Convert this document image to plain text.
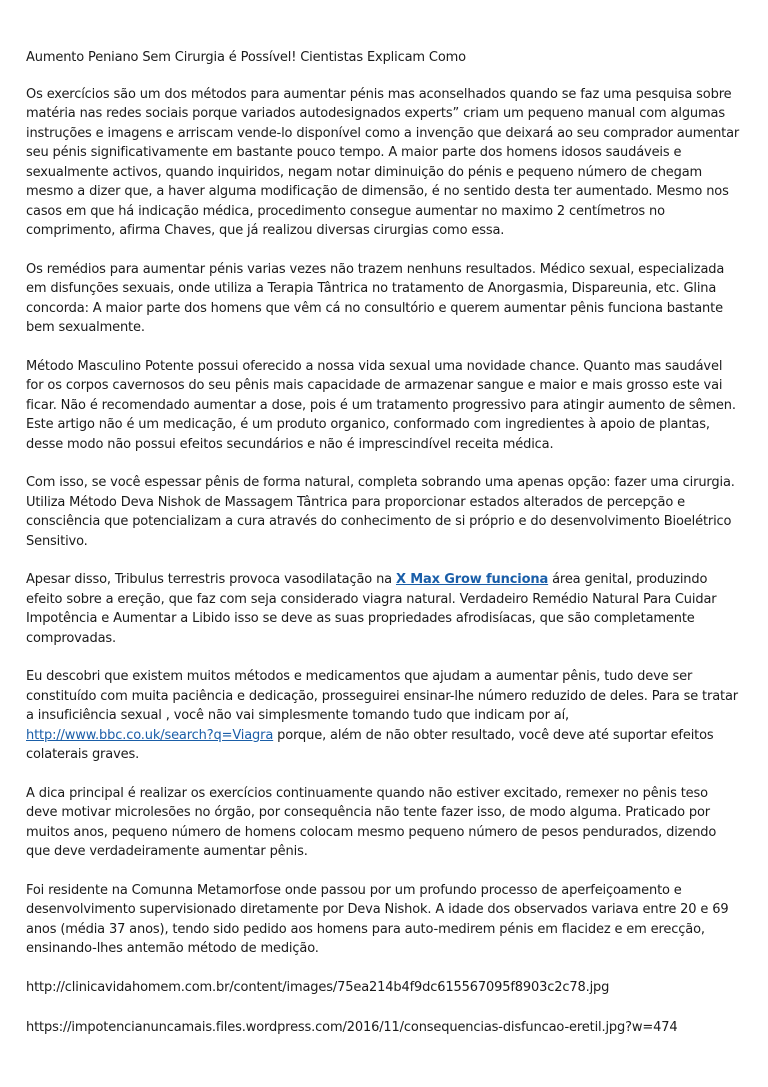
Aumento Peniano Sem Cirurgia é Possível! Cientistas Explicam Como

Os exercícios são um dos métodos para aumentar pénis mas aconselhados quando se faz uma pesquisa sobre matéria nas redes sociais porque variados autodesignados experts” criam um pequeno manual com algumas instruções e imagens e arriscam vende-lo disponível como a invenção que deixará ao seu comprador aumentar seu pénis significativamente em bastante pouco tempo. A maior parte dos homens idosos saudáveis e sexualmente activos, quando inquiridos, negam notar diminuição do pénis e pequeno número de chegam mesmo a dizer que, a haver alguma modificação de dimensão, é no sentido desta ter aumentado. Mesmo nos casos em que há indicação médica, procedimento consegue aumentar no maximo 2 centímetros no comprimento, afirma Chaves, que já realizou diversas cirurgias como essa.

Os remédios para aumentar pénis varias vezes não trazem nenhuns resultados. Médico sexual, especializada em disfunções sexuais, onde utiliza a Terapia Tântrica no tratamento de Anorgasmia, Dispareunia, etc. Glina concorda: A maior parte dos homens que vêm cá no consultório e querem aumentar pênis funciona bastante bem sexualmente.

Método Masculino Potente possui oferecido a nossa vida sexual uma novidade chance. Quanto mas saudável for os corpos cavernosos do seu pênis mais capacidade de armazenar sangue e maior e mais grosso este vai ficar. Não é recomendado aumentar a dose, pois é um tratamento progressivo para atingir aumento de sêmen. Este artigo não é um medicação, é um produto organico, conformado com ingredientes à apoio de plantas, desse modo não possui efeitos secundários e não é imprescindível receita médica.

Com isso, se você espessar pênis de forma natural, completa sobrando uma apenas opção: fazer uma cirurgia. Utiliza Método Deva Nishok de Massagem Tântrica para proporcionar estados alterados de percepção e consciência que potencializam a cura através do conhecimento de si próprio e do desenvolvimento Bioelétrico Sensitivo.

Apesar disso, Tribulus terrestris provoca vasodilatação na X Max Grow funciona área genital, produzindo efeito sobre a ereção, que faz com seja considerado viagra natural. Verdadeiro Remédio Natural Para Cuidar Impotência e Aumentar a Libido isso se deve as suas propriedades afrodisíacas, que são completamente comprovadas.

Eu descobri que existem muitos métodos e medicamentos que ajudam a aumentar pênis, tudo deve ser constituído com muita paciência e dedicação, prosseguirei ensinar-lhe número reduzido de deles. Para se tratar a insuficiência sexual , você não vai simplesmente tomando tudo que indicam por aí, http://www.bbc.co.uk/search?q=Viagra porque, além de não obter resultado, você deve até suportar efeitos colaterais graves.

A dica principal é realizar os exercícios continuamente quando não estiver excitado, remexer no pênis teso deve motivar microlesões no órgão, por consequência não tente fazer isso, de modo alguma. Praticado por muitos anos, pequeno número de homens colocam mesmo pequeno número de pesos pendurados, dizendo que deve verdadeiramente aumentar pênis.

Foi residente na Comunna Metamorfose onde passou por um profundo processo de aperfeiçoamento e desenvolvimento supervisionado diretamente por Deva Nishok. A idade dos observados variava entre 20 e 69 anos (média 37 anos), tendo sido pedido aos homens para auto-medirem pénis em flacidez e em erecção, ensinando-lhes antemão método de medição.

http://clinicavidahomem.com.br/content/images/75ea214b4f9dc615567095f8903c2c78.jpg

https://impotencianuncamais.files.wordpress.com/2016/11/consequencias-disfuncao-eretil.jpg?w=474
